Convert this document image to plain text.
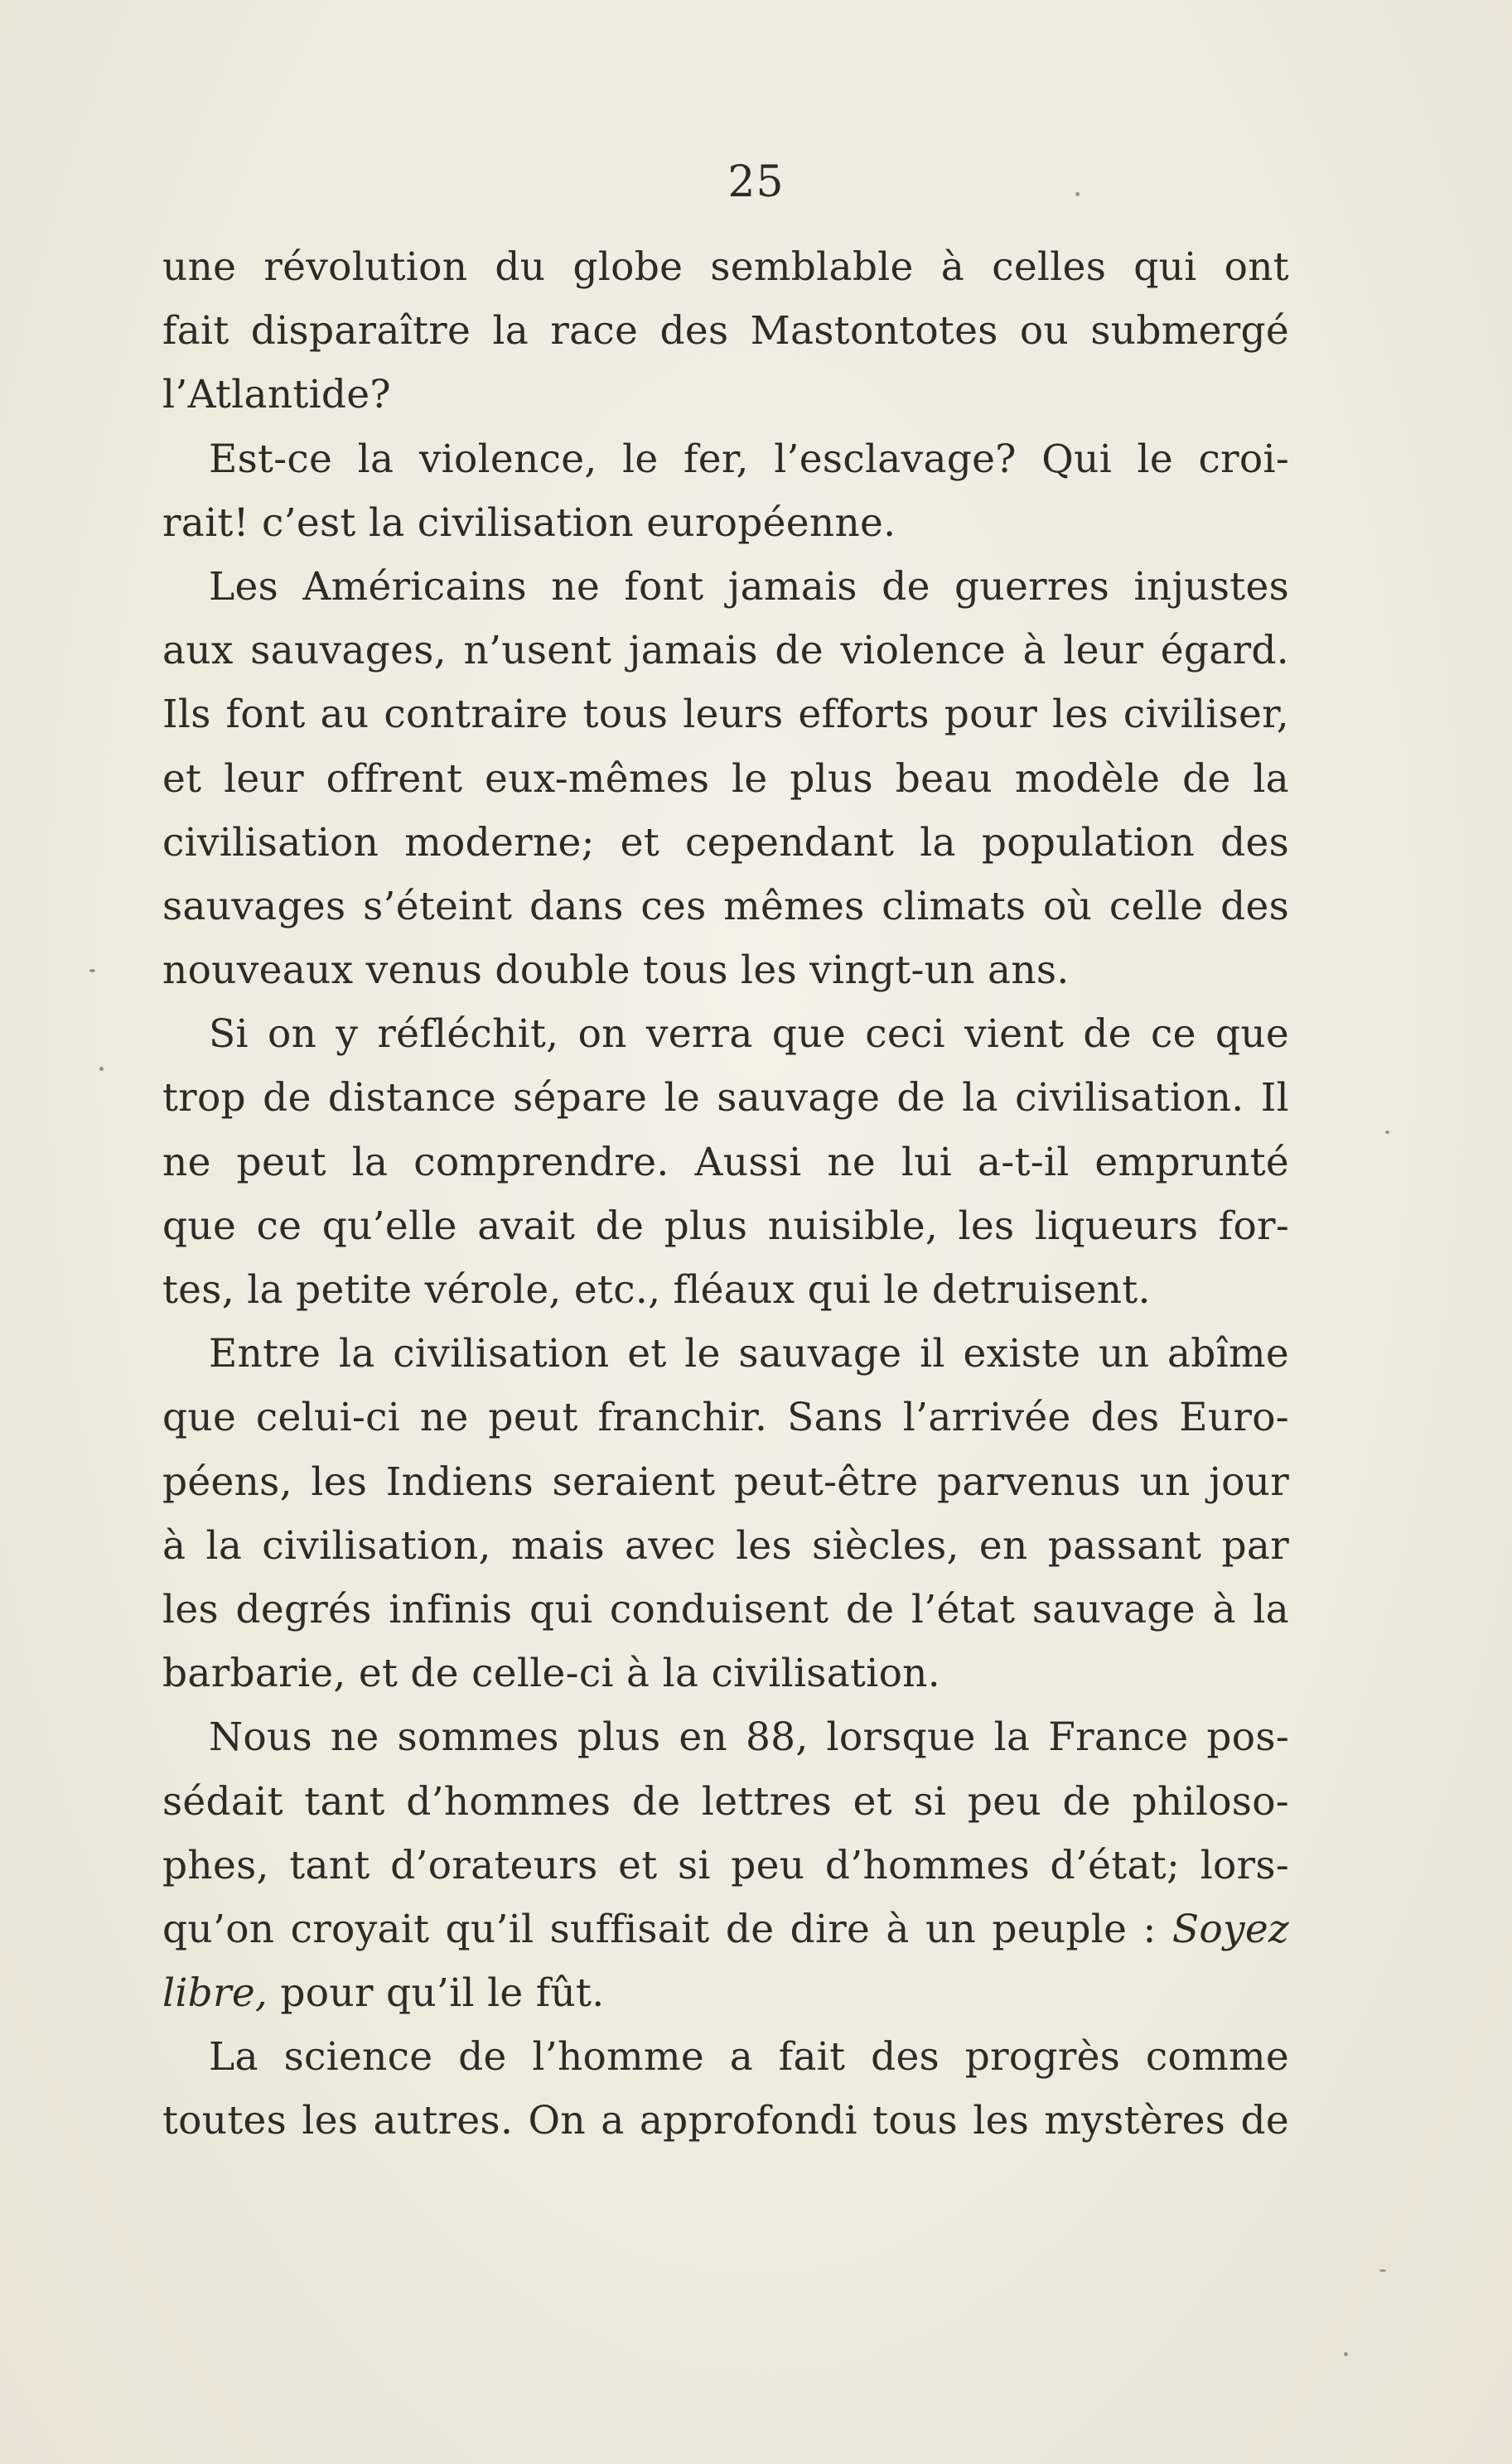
25
une révolution du globe semblable à celles qui ont
fait disparaître la race des Mastontotes ou submergé
l’Atlantide?
Est-ce la violence, le fer, l’esclavage? Qui le croi-
rait! c’est la civilisation européenne.
Les Américains ne font jamais de guerres injustes
aux sauvages, n’usent jamais de violence à leur égard.
Ils font au contraire tous leurs efforts pour les civiliser,
et leur offrent eux-mêmes le plus beau modèle de la
civilisation moderne; et cependant la population des
sauvages s’éteint dans ces mêmes climats où celle des
nouveaux venus double tous les vingt-un ans.
Si on y réfléchit, on verra que ceci vient de ce que
trop de distance sépare le sauvage de la civilisation. Il
ne peut la comprendre. Aussi ne lui a-t-il emprunté
que ce qu’elle avait de plus nuisible, les liqueurs for-
tes, la petite vérole, etc., fléaux qui le detruisent.
Entre la civilisation et le sauvage il existe un abîme
que celui-ci ne peut franchir. Sans l’arrivée des Euro-
péens, les Indiens seraient peut-être parvenus un jour
à la civilisation, mais avec les siècles, en passant par
les degrés infinis qui conduisent de l’état sauvage à la
barbarie, et de celle-ci à la civilisation.
Nous ne sommes plus en 88, lorsque la France pos-
sédait tant d’hommes de lettres et si peu de philoso-
phes, tant d’orateurs et si peu d’hommes d’état; lors-
qu’on croyait qu’il suffisait de dire à un peuple : Soyez
libre, pour qu’il le fût.
La science de l’homme a fait des progrès comme
toutes les autres. On a approfondi tous les mystères de
